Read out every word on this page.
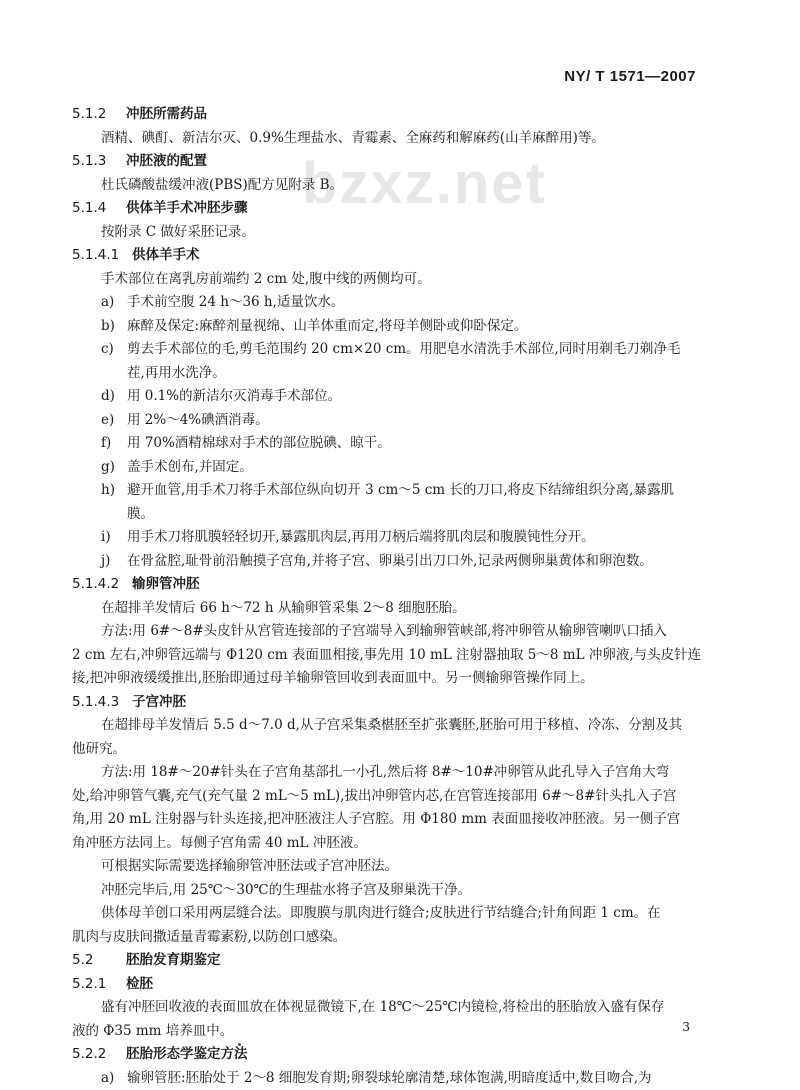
bzxz.net
NY/ T 1571—2007
5.1.2 冲胚所需药品
酒精、碘酊、新洁尔灭、0.9%生理盐水、青霉素、全麻药和解麻药(山羊麻醉用)等。
5.1.3 冲胚液的配置
杜氏磷酸盐缓冲液(PBS)配方见附录 B。
5.1.4 供体羊手术冲胚步骤
按附录 C 做好采胚记录。
5.1.4.1 供体羊手术
手术部位在离乳房前端约 2 cm 处,腹中线的两侧均可。
a) 手术前空腹 24 h～36 h,适量饮水。
b) 麻醉及保定:麻醉剂量视绵、山羊体重而定,将母羊侧卧或仰卧保定。
c) 剪去手术部位的毛,剪毛范围约 20 cm×20 cm。用肥皂水清洗手术部位,同时用剃毛刀剃净毛
茬,再用水洗净。
d) 用 0.1%的新洁尔灭消毒手术部位。
e) 用 2%～4%碘酒消毒。
f) 用 70%酒精棉球对手术的部位脱碘、晾干。
g) 盖手术创布,并固定。
h) 避开血管,用手术刀将手术部位纵向切开 3 cm～5 cm 长的刀口,将皮下结缔组织分离,暴露肌
膜。
i) 用手术刀将肌膜轻轻切开,暴露肌肉层,再用刀柄后端将肌肉层和腹膜钝性分开。
j) 在骨盆腔,耻骨前沿触摸子宫角,并将子宫、卵巢引出刀口外,记录两侧卵巢黄体和卵泡数。
5.1.4.2 输卵管冲胚
在超排羊发情后 66 h～72 h 从输卵管采集 2～8 细胞胚胎。
方法:用 6#～8#头皮针从宫管连接部的子宫端导入到输卵管峡部,将冲卵管从输卵管喇叭口插入
2 cm 左右,冲卵管远端与 Φ120 cm 表面皿相接,事先用 10 mL 注射器抽取 5～8 mL 冲卵液,与头皮针连
接,把冲卵液缓缓推出,胚胎即通过母羊输卵管回收到表面皿中。另一侧输卵管操作同上。
5.1.4.3 子宫冲胚
在超排母羊发情后 5.5 d～7.0 d,从子宫采集桑椹胚至扩张囊胚,胚胎可用于移植、冷冻、分割及其
他研究。
方法:用 18#～20#针头在子宫角基部扎一小孔,然后将 8#～10#冲卵管从此孔导入子宫角大弯
处,给冲卵管气囊,充气(充气量 2 mL～5 mL),拔出冲卵管内芯,在宫管连接部用 6#～8#针头扎入子宫
角,用 20 mL 注射器与针头连接,把冲胚液注人子宫腔。用 Φ180 mm 表面皿接收冲胚液。另一侧子宫
角冲胚方法同上。每侧子宫角需 40 mL 冲胚液。
可根据实际需要选择输卵管冲胚法或子宫冲胚法。
冲胚完毕后,用 25℃～30℃的生理盐水将子宫及卵巢洗干净。
供体母羊创口采用两层缝合法。即腹膜与肌肉进行缝合;皮肤进行节结缝合;针角间距 1 cm。在
肌肉与皮肤间撒适量青霉素粉,以防创口感染。
5.2 胚胎发育期鉴定
5.2.1 检胚
盛有冲胚回收液的表面皿放在体视显微镜下,在 18℃～25℃内镜检,将检出的胚胎放入盛有保存
液的 Φ35 mm 培养皿中。
5.2.2 胚胎形态学鉴定方法
a) 输卵管胚:胚胎处于 2～8 细胞发育期;卵裂球轮廓清楚,球体饱满,明暗度适中,数目吻合,为
3
